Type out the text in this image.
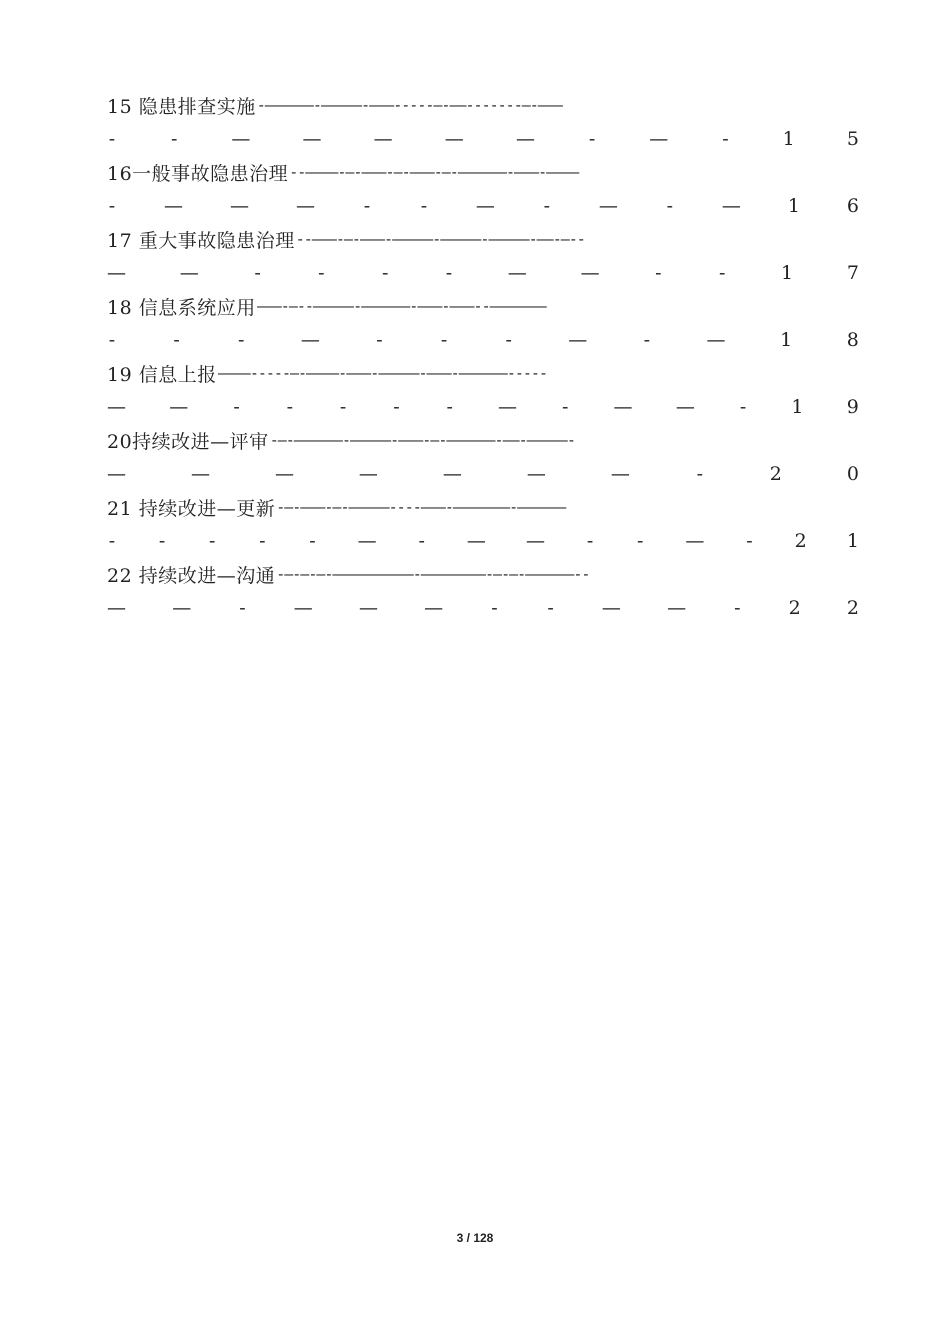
15 隐患排查实施 -——————-—————-———-----—-——-------—-———
-	-	—	—	—	—	—	-	—	-	1	5
16一般事故隐患治理 --————-—-———-—-———-—-——————-———-————
-	— — —	-	-	—	-	—	-	— 1 6
17 重大事故隐患治理 --———-—-———-—————-—————-—————-——-—--
—	—	-	-	-	-	—	—	-	-	1	7
18 信息系统应用 ———-—--—————-——————-———-———--———————
-	-	-	—	-	-	-	—	-	—	1	8
19 信息上报 ————-----—-————-———-—————-———-——————-----
— — - - - - - — - — — - 1 9
20持续改进—评审 -—-——————-—————-———-—-——————-——-—————-
—	—	—	—	—	—	—	-	2	0
21 持续改进—更新 -—-———-—-—————----———-———————-——————
- - - - - — - — — - - — - 2 1
22 持续改进—沟通 -—-—-—-——————————-————————-—-—-——————--
— —	-	— — —	-	-	— —	-	2 2
3 / 128
